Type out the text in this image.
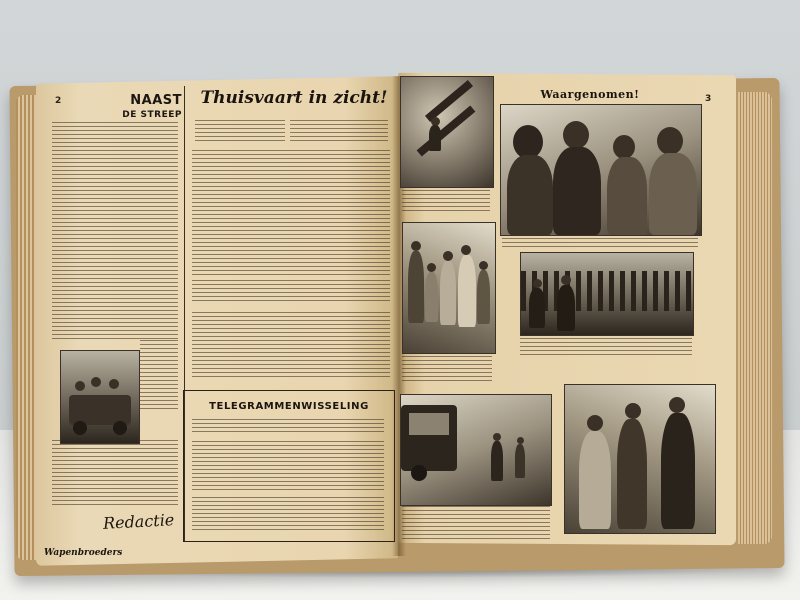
2	NAAST
DE STREEP
Thuisvaart in zicht!
TELEGRAMMENWISSELING
Redactie
Wapenbroeders
3
Waargenomen!
